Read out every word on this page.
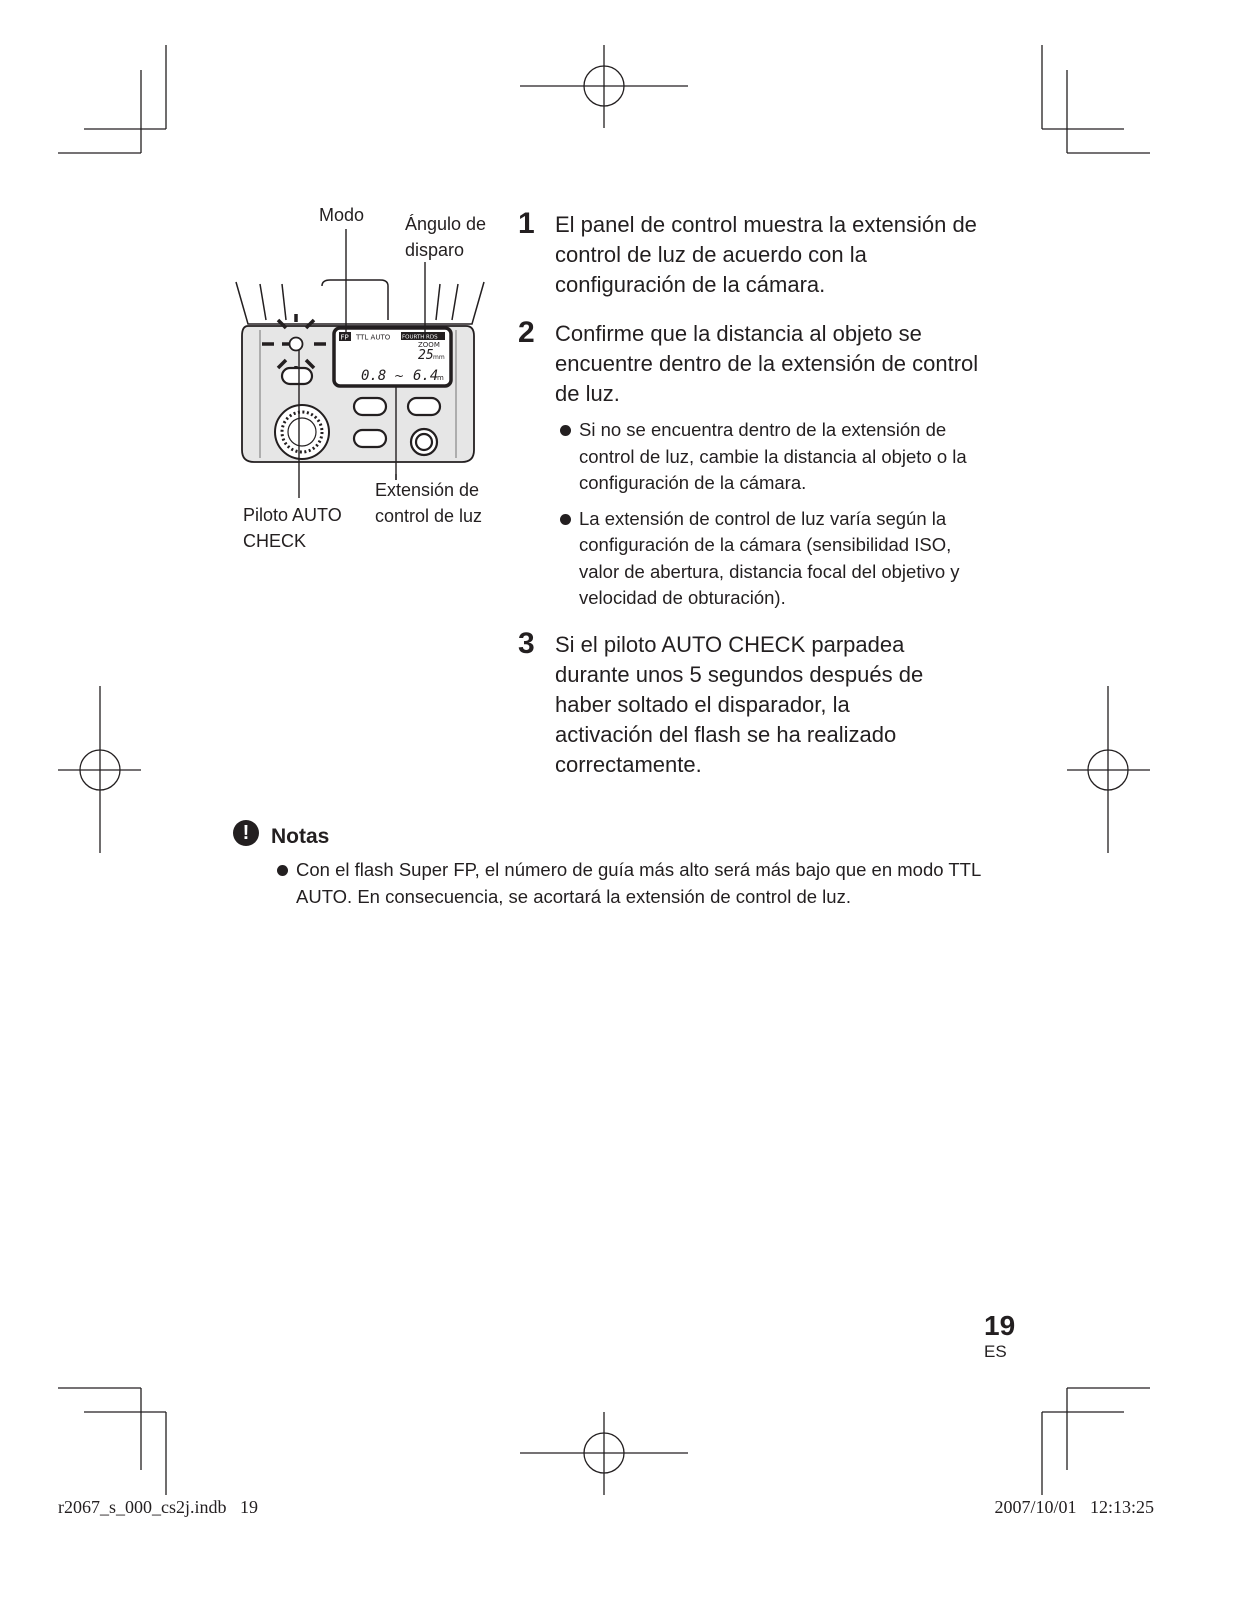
FP TTL AUTO FOURTHIRDS
ZOOM
25 mm
0.8 ~ 6.4
m
Modo Ángulo de
disparo
Extensión de
control de luz
Piloto AUTO
CHECK
1 El panel de control muestra la extensión de control de luz de acuerdo con la configuración de la cámara.
2 Confirme que la distancia al objeto se encuentre dentro de la extensión de control de luz.
Si no se encuentra dentro de la extensión de control de luz, cambie la distancia al objeto o la configuración de la cámara.
La extensión de control de luz varía según la configuración de la cámara (sensibilidad ISO, valor de abertura, distancia focal del objetivo y velocidad de obturación).
3 Si el piloto AUTO CHECK parpadea durante unos 5 segundos después de haber soltado el disparador, la activación del flash se ha realizado correctamente.
!	Notas
Con el flash Super FP, el número de guía más alto será más bajo que en modo TTL AUTO. En consecuencia, se acortará la extensión de control de luz.
19
ES
r2067_s_000_cs2j.indb   19	2007/10/01   12:13:25
